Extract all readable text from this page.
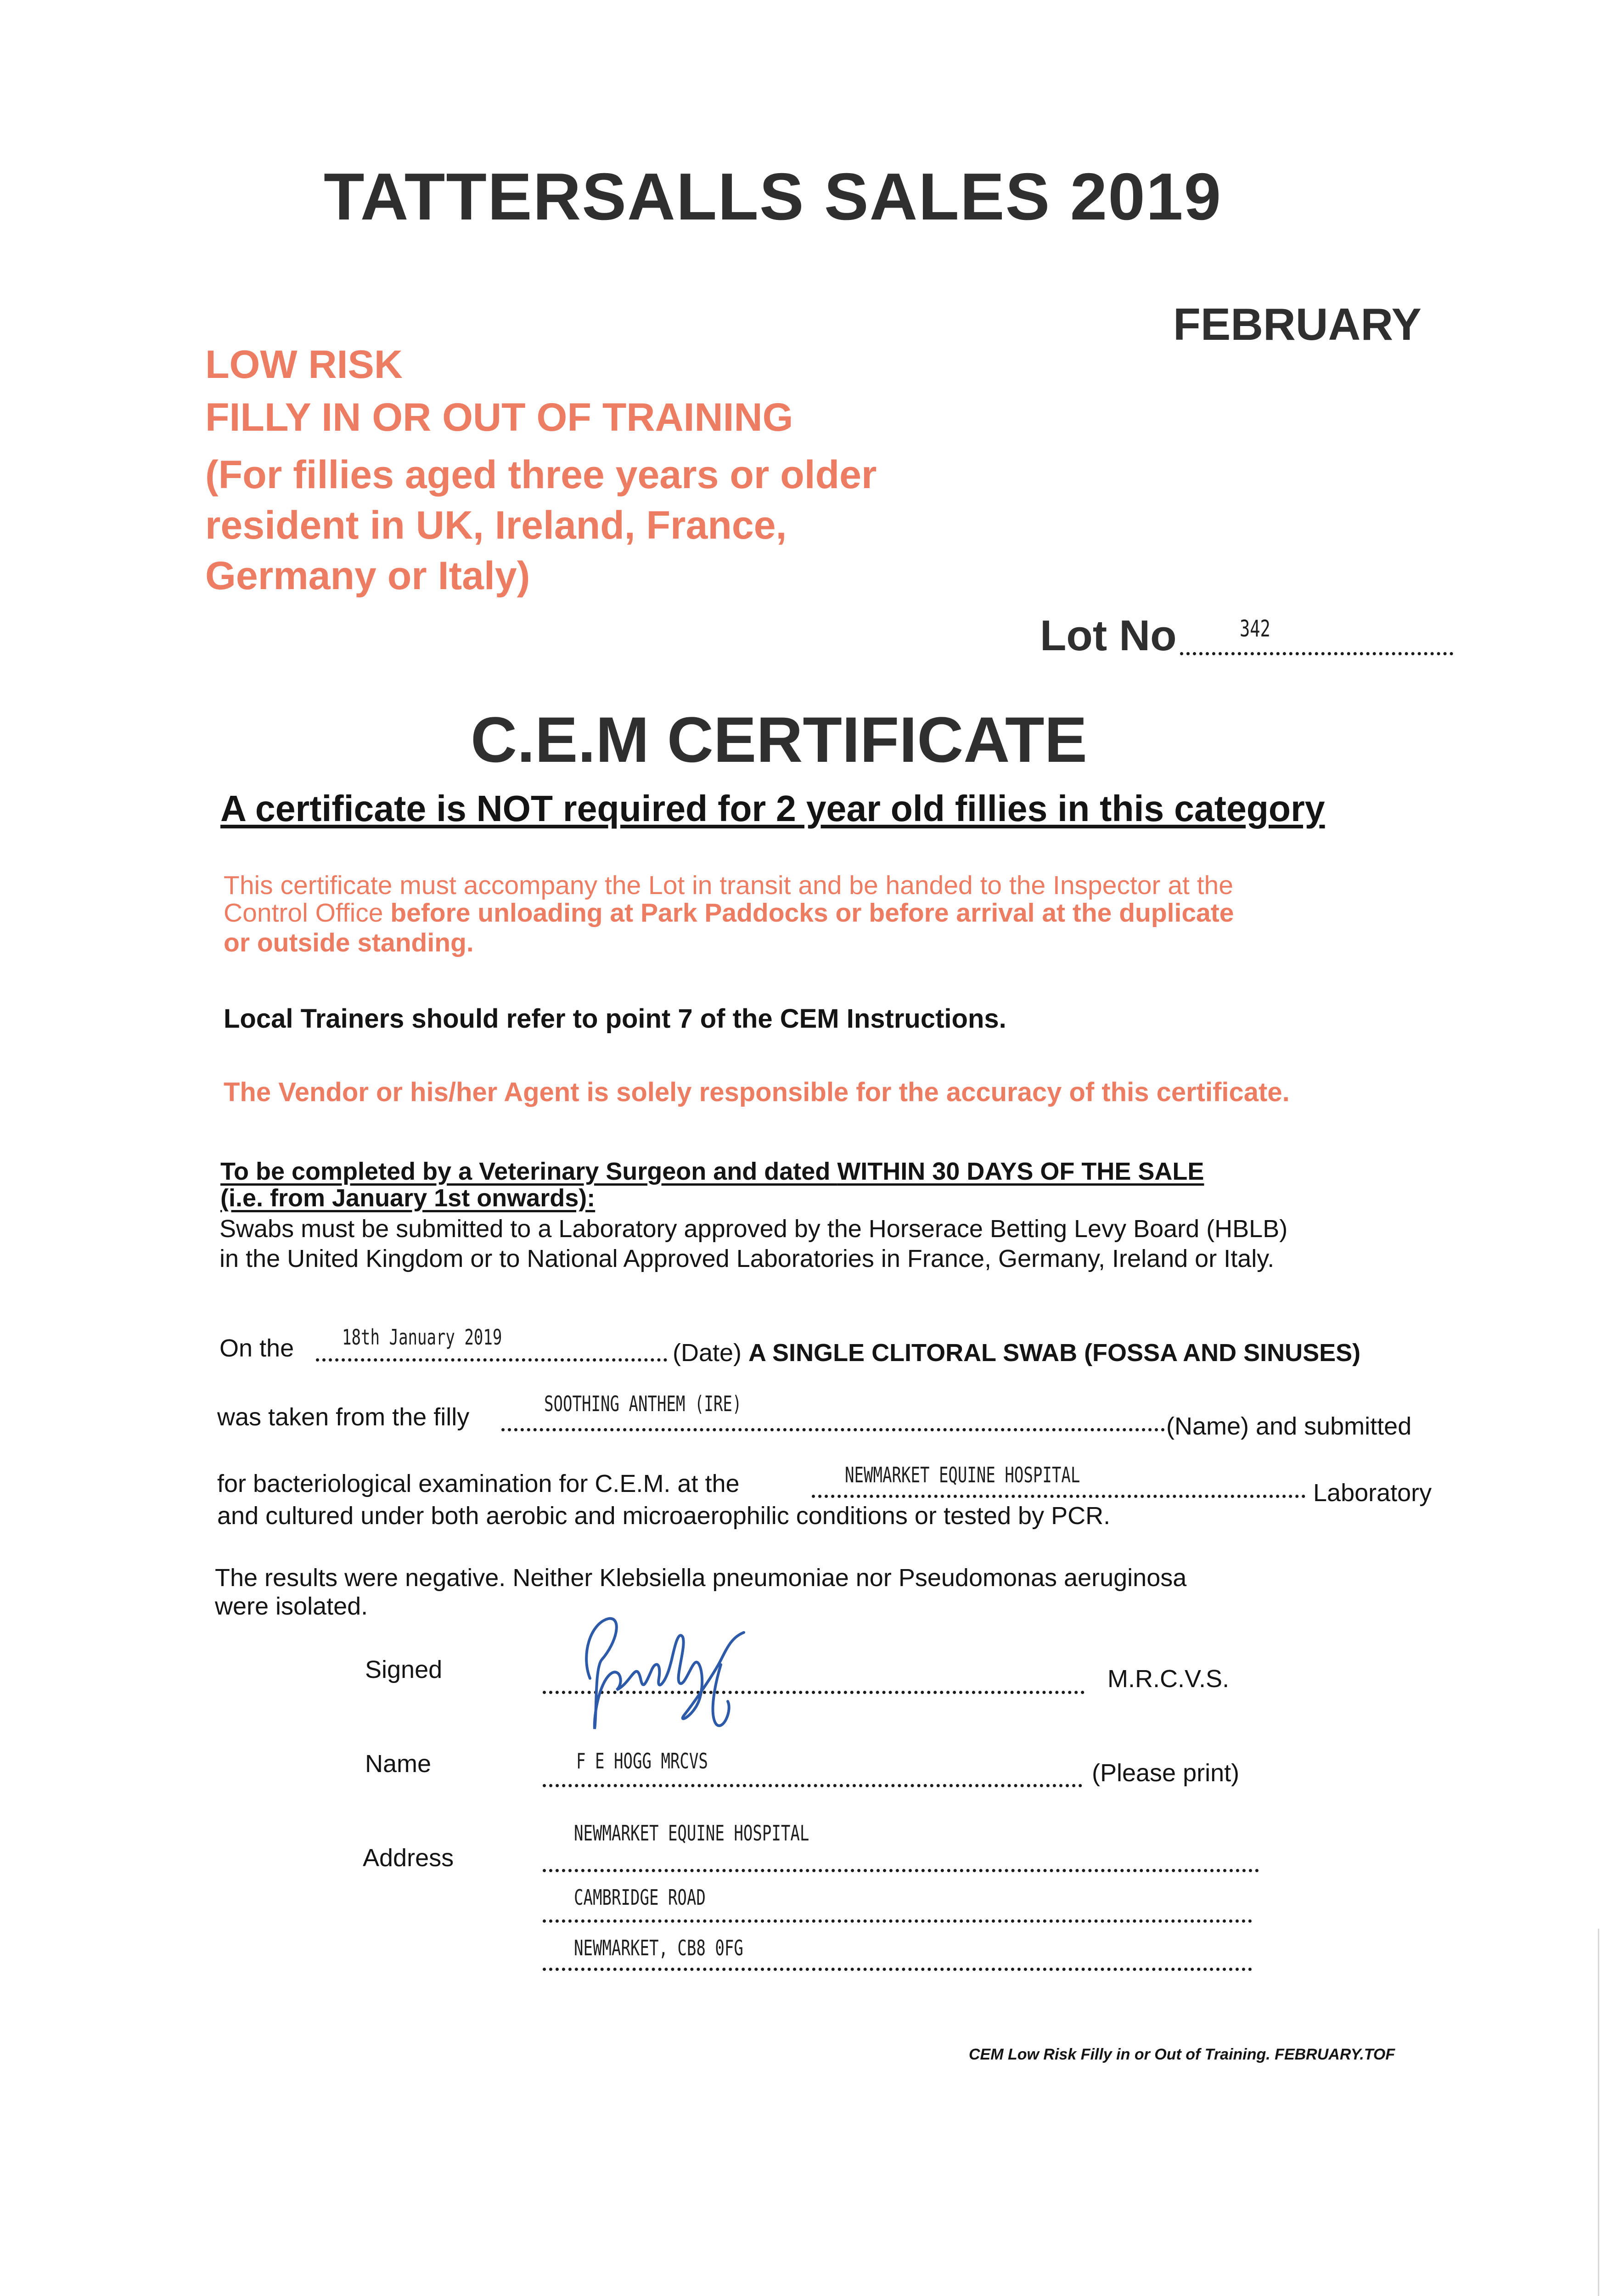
TATTERSALLS SALES 2019
FEBRUARY
LOW RISK
FILLY IN OR OUT OF TRAINING
(For fillies aged three years or older
resident in UK, Ireland, France,
Germany or Italy)
Lot No	342
C.E.M CERTIFICATE
A certificate is NOT required for 2 year old fillies in this category
This certificate must accompany the Lot in transit and be handed to the Inspector at the
Control Office before unloading at Park Paddocks or before arrival at the duplicate
or outside standing.
Local Trainers should refer to point 7 of the CEM Instructions.
The Vendor or his/her Agent is solely responsible for the accuracy of this certificate.
To be completed by a Veterinary Surgeon and dated WITHIN 30 DAYS OF THE SALE
(i.e. from January 1st onwards):
Swabs must be submitted to a Laboratory approved by the Horserace Betting Levy Board (HBLB)
in the United Kingdom or to National Approved Laboratories in France, Germany, Ireland or Italy.
On the 18th January 2019
(Date) A SINGLE CLITORAL SWAB (FOSSA AND SINUSES)
was taken from the filly	SOOTHING ANTHEM (IRE)
(Name) and submitted
for bacteriological examination for C.E.M. at the	NEWMARKET EQUINE HOSPITAL
Laboratory
and cultured under both aerobic and microaerophilic conditions or tested by PCR.
The results were negative. Neither Klebsiella pneumoniae nor Pseudomonas aeruginosa
were isolated.
Signed	M.R.C.V.S.
Name	F E HOGG MRCVS	(Please print)
Address
NEWMARKET EQUINE HOSPITAL
CAMBRIDGE ROAD
NEWMARKET, CB8 0FG
CEM Low Risk Filly in or Out of Training. FEBRUARY.TOF
